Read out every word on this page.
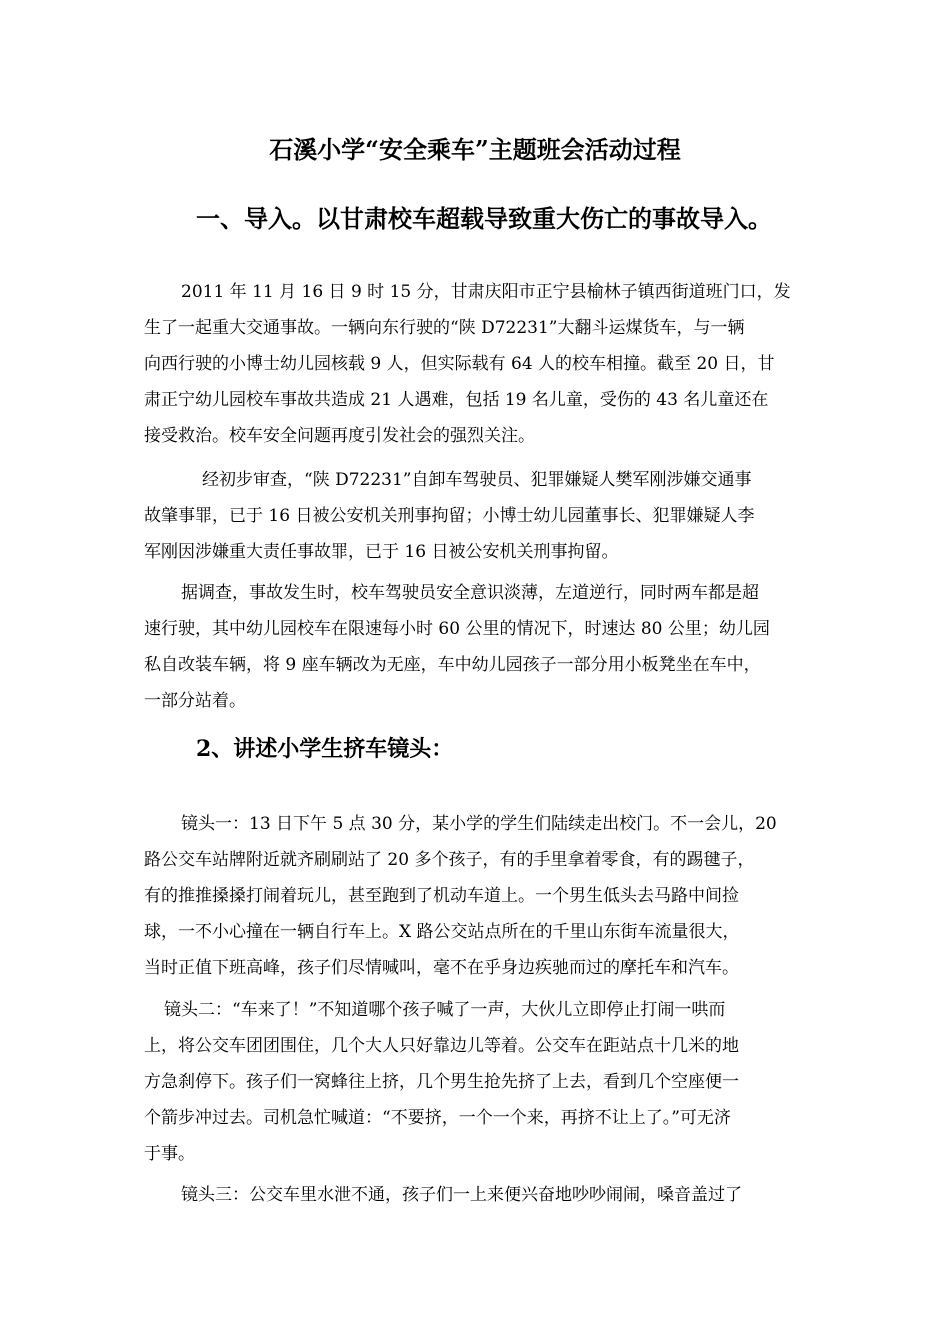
石溪小学“安全乘车”主题班会活动过程
一、导入。以甘肃校车超载导致重大伤亡的事故导入。
2011 年 11 月 16 日 9 时 15 分，甘肃庆阳市正宁县榆林子镇西街道班门口，发
生了一起重大交通事故。一辆向东行驶的“陕 D72231”大翻斗运煤货车，与一辆
向西行驶的小博士幼儿园核载 9 人，但实际载有 64 人的校车相撞。截至 20 日，甘
肃正宁幼儿园校车事故共造成 21 人遇难，包括 19 名儿童，受伤的 43 名儿童还在
接受救治。校车安全问题再度引发社会的强烈关注。
经初步审查，“陕 D72231”自卸车驾驶员、犯罪嫌疑人樊军刚涉嫌交通事
故肇事罪，已于 16 日被公安机关刑事拘留；小博士幼儿园董事长、犯罪嫌疑人李
军刚因涉嫌重大责任事故罪，已于 16 日被公安机关刑事拘留。
据调查，事故发生时，校车驾驶员安全意识淡薄，左道逆行，同时两车都是超
速行驶，其中幼儿园校车在限速每小时 60 公里的情况下，时速达 80 公里；幼儿园
私自改装车辆，将 9 座车辆改为无座，车中幼儿园孩子一部分用小板凳坐在车中，
一部分站着。
2、讲述小学生挤车镜头：
镜头一：13 日下午 5 点 30 分，某小学的学生们陆续走出校门。不一会儿，20
路公交车站牌附近就齐刷刷站了 20 多个孩子，有的手里拿着零食，有的踢毽子，
有的推推搡搡打闹着玩儿，甚至跑到了机动车道上。一个男生低头去马路中间捡
球，一不小心撞在一辆自行车上。X 路公交站点所在的千里山东街车流量很大，
当时正值下班高峰，孩子们尽情喊叫，毫不在乎身边疾驰而过的摩托车和汽车。
镜头二：“车来了！”不知道哪个孩子喊了一声，大伙儿立即停止打闹一哄而
上，将公交车团团围住，几个大人只好靠边儿等着。公交车在距站点十几米的地
方急刹停下。孩子们一窝蜂往上挤，几个男生抢先挤了上去，看到几个空座便一
个箭步冲过去。司机急忙喊道：“不要挤，一个一个来，再挤不让上了。”可无济
于事。
镜头三：公交车里水泄不通，孩子们一上来便兴奋地吵吵闹闹，嗓音盖过了
